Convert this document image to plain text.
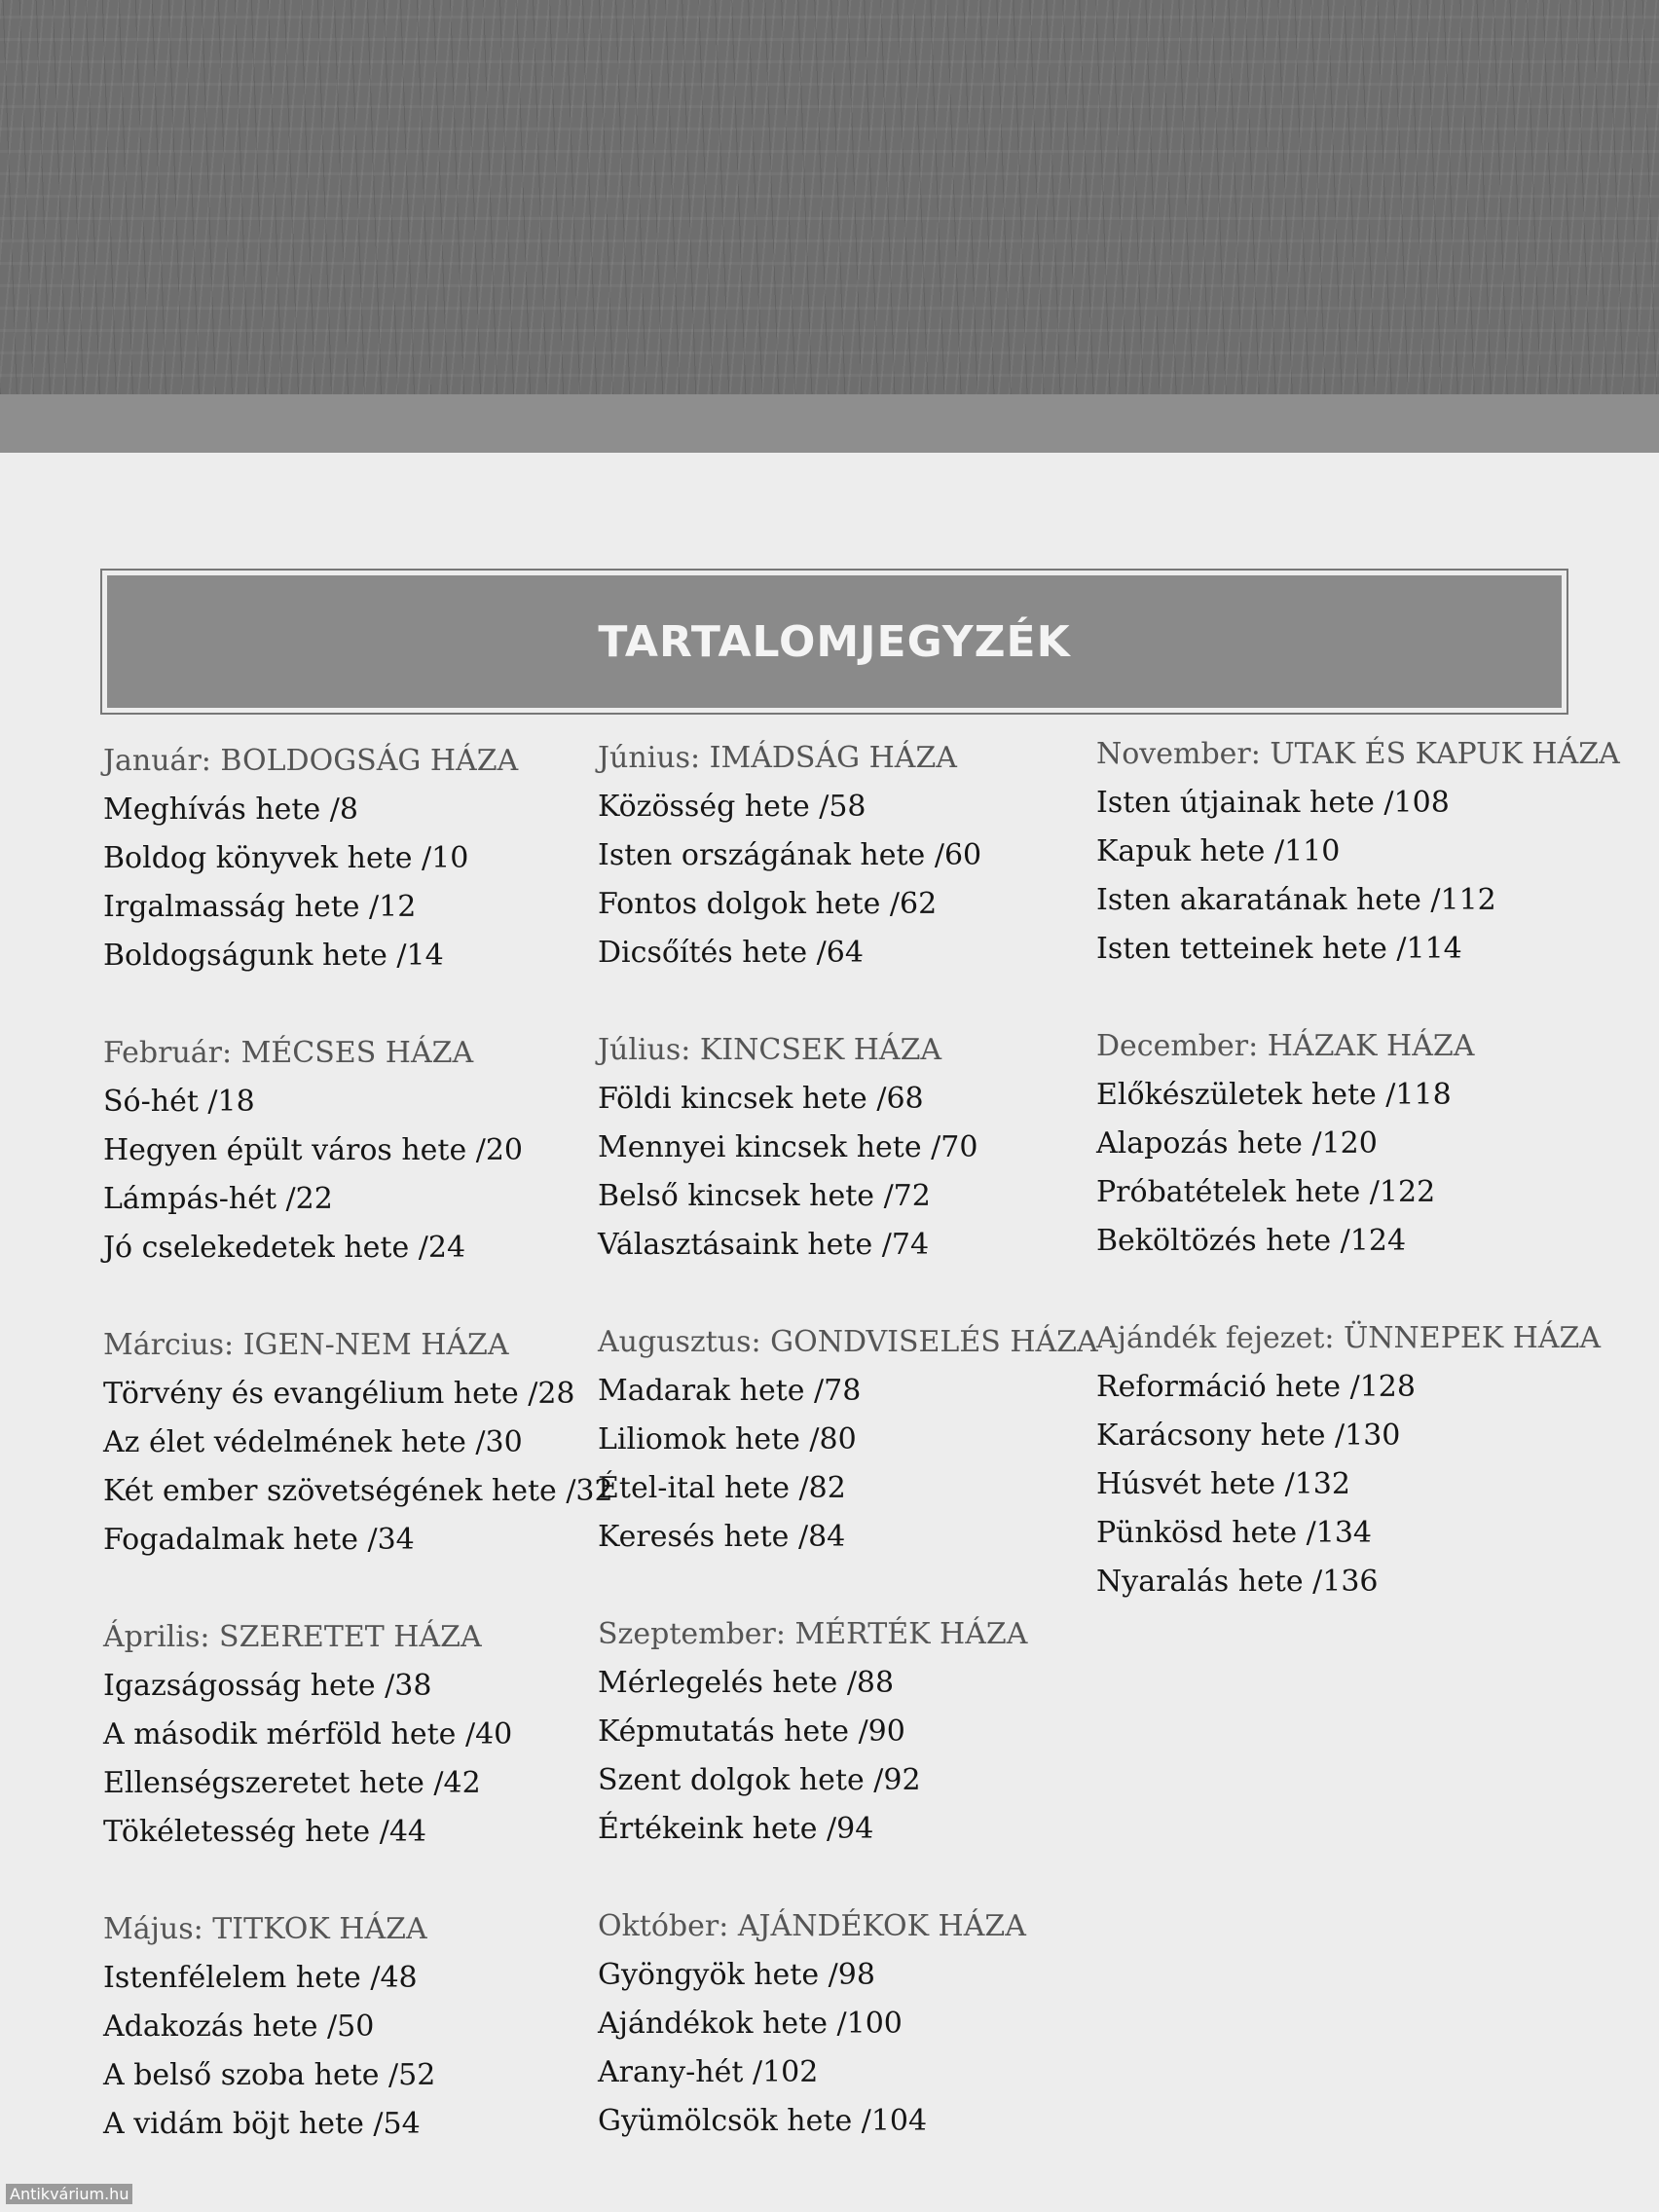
TARTALOMJEGYZÉK
Január: BOLDOGSÁG HÁZA
Meghívás hete /8
Boldog könyvek hete /10
Irgalmasság hete /12
Boldogságunk hete /14
Február: MÉCSES HÁZA
Só-hét /18
Hegyen épült város hete /20
Lámpás-hét /22
Jó cselekedetek hete /24
Március: IGEN-NEM HÁZA
Törvény és evangélium hete /28
Az élet védelmének hete /30
Két ember szövetségének hete /32
Fogadalmak hete /34
Április: SZERETET HÁZA
Igazságosság hete /38
A második mérföld hete /40
Ellenségszeretet hete /42
Tökéletesség hete /44
Május: TITKOK HÁZA
Istenfélelem hete /48
Adakozás hete /50
A belső szoba hete /52
A vidám böjt hete /54
Június: IMÁDSÁG HÁZA
Közösség hete /58
Isten országának hete /60
Fontos dolgok hete /62
Dicsőítés hete /64
Július: KINCSEK HÁZA
Földi kincsek hete /68
Mennyei kincsek hete /70
Belső kincsek hete /72
Választásaink hete /74
Augusztus: GONDVISELÉS HÁZA
Madarak hete /78
Liliomok hete /80
Étel-ital hete /82
Keresés hete /84
Szeptember: MÉRTÉK HÁZA
Mérlegelés hete /88
Képmutatás hete /90
Szent dolgok hete /92
Értékeink hete /94
Október: AJÁNDÉKOK HÁZA
Gyöngyök hete /98
Ajándékok hete /100
Arany-hét /102
Gyümölcsök hete /104
November: UTAK ÉS KAPUK HÁZA
Isten útjainak hete /108
Kapuk hete /110
Isten akaratának hete /112
Isten tetteinek hete /114
December: HÁZAK HÁZA
Előkészületek hete /118
Alapozás hete /120
Próbatételek hete /122
Beköltözés hete /124
Ajándék fejezet: ÜNNEPEK HÁZA
Reformáció hete /128
Karácsony hete /130
Húsvét hete /132
Pünkösd hete /134
Nyaralás hete /136
Antikvárium.hu
